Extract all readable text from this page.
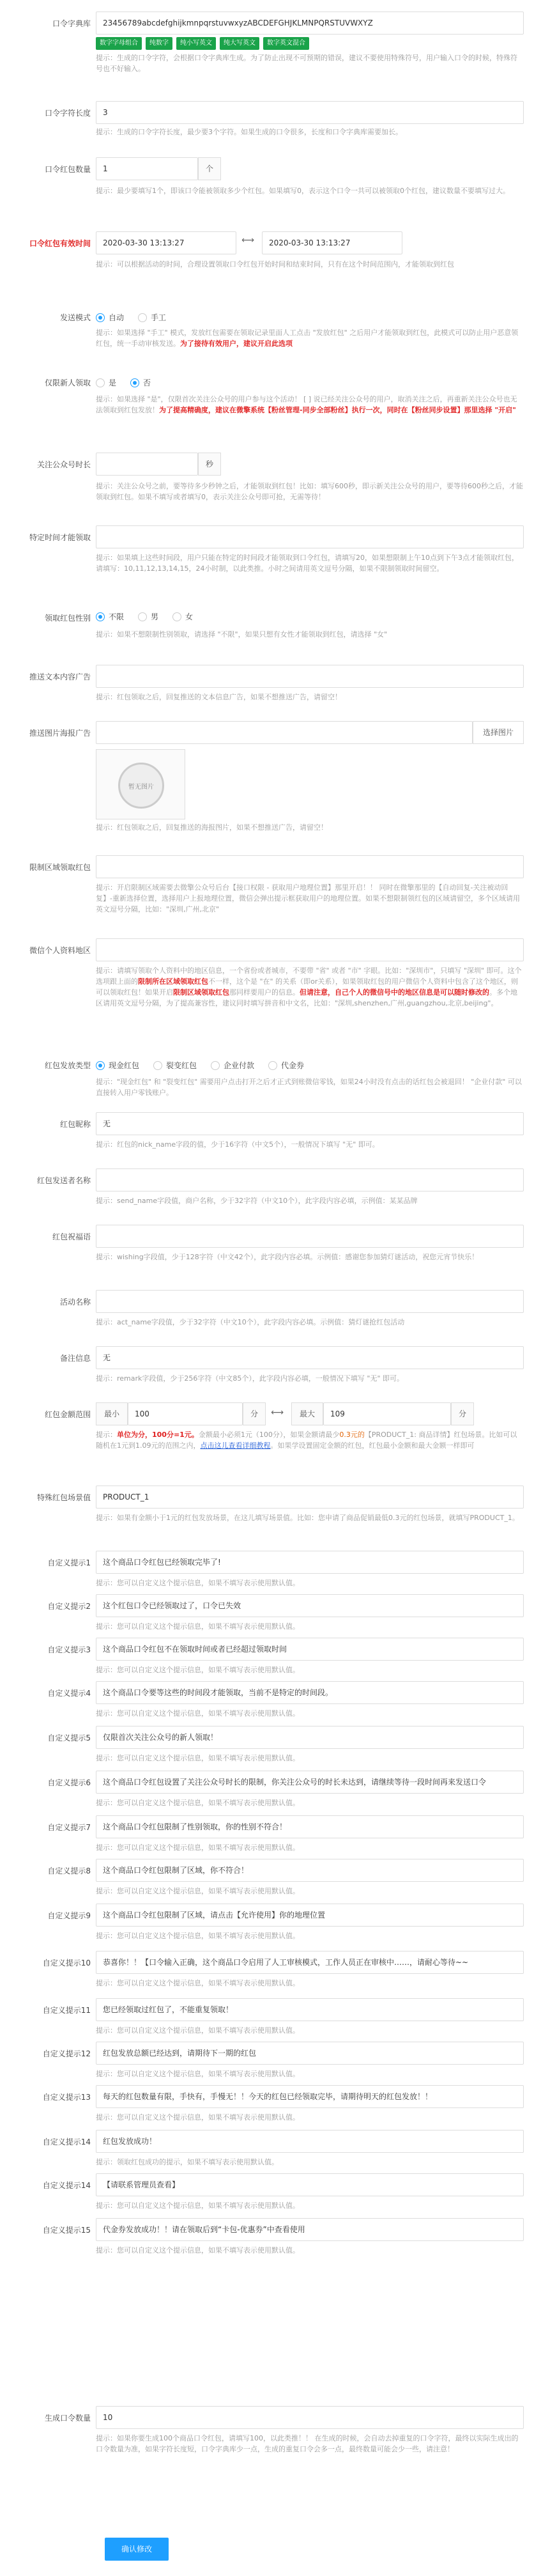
口令字典库	23456789abcdefghijkmnpqrstuvwxyzABCDEFGHJKLMNPQRSTUVWXYZ
数字字母组合	纯数字	纯小写英文	纯大写英文	数字英文混合
提示：生成的口令字符，会根据口令字典库生成。为了防止出现不可预期的错误，建议不要使用特殊符号，用户输入口令的时候，特殊符号也不好输入。
口令字符长度	3
提示：生成的口令字符长度，最少要3个字符。如果生成的口令很多，长度和口令字典库需要加长。
口令红包数量	1	个
提示：最少要填写1个，即该口令能被领取多少个红包。如果填写0，表示这个口令一共可以被领取0个红包，建议数量不要填写过大。
口令红包有效时间	2020-03-30 13:13:27	⟷	2020-03-30 13:13:27
提示：可以根据活动的时间，合理设置领取口令红包开始时间和结束时间，只有在这个时间范围内，才能领取到红包
发送模式 自动	手工
提示：如果选择 "手工" 模式，发放红包需要在领取记录里面人工点击 "发放红包" 之后用户才能领取到红包，此模式可以防止用户恶意领红包，统一手动审核发送。为了接待有效用户，建议开启此选项
仅限新人领取 是	否
提示：如果选择 "是"，仅限首次关注公众号的用户参与这个活动！ [ ] 说已经关注公众号的用户，取消关注之后，再重新关注公众号也无法领取到红包发放！为了提高精确度，建议在微擎系统【粉丝管理-同步全部粉丝】执行一次，同时在【粉丝同步设置】那里选择 "开启"
关注公众号时长	秒
提示：关注公众号之前，要等待多少秒钟之后，才能领取到红包！比如：填写600秒，即示新关注公众号的用户，要等待600秒之后，才能领取到红包。如果不填写或者填写0，表示关注公众号即可抢，无需等待！
特定时间才能领取
提示：如果填上这些时间段，用户只能在特定的时间段才能领取到口令红包，请填写20，如果想限制上午10点到下午3点才能领取红包，请填写：10,11,12,13,14,15，24小时制，以此类推。小时之间请用英文逗号分隔，如果不限制领取时间留空。
领取红包性别 不限	男	女
提示：如果不想限制性别领取，请选择 "不限"，如果只想有女性才能领取到红包，请选择 "女"
推送文本内容广告
提示：红包领取之后，回复推送的文本信息广告，如果不想推送广告，请留空！
推送图片海报广告	选择图片
暂无图片
提示：红包领取之后，回复推送的海报图片，如果不想推送广告，请留空！
限制区域领取红包
提示：开启限制区域需要去微擎公众号后台【接口权限 - 获取用户地理位置】那里开启！！ 同时在微擎那里的【自动回复-关注被动回复】-重新选择位置，选择用户上报地理位置，微信会弹出提示框获取用户的地理位置。如果不想限制领红包的区域请留空，多个区域请用英文逗号分隔，比如："深圳,广州,北京"
微信个人资料地区
提示：请填写领取个人资料中的地区信息，一个省份或者城市，不要带 "省" 或者 "市" 字眼。比如："深圳市"，只填写 "深圳" 即可。这个选项跟上面的限制所在区域领取红包不一样，这个是 "在" 的关系（即or关系），如果领取红包的用户微信个人资料中包含了这个地区，则可以领取红包！如果开启限制区域领取红包那同样要用户的信息。但请注意，自己个人的微信号中的地区信息是可以随时修改的。多个地区请用英文逗号分隔，为了提高兼容性，建议同时填写拼音和中文名，比如："深圳,shenzhen,广州,guangzhou,北京,beijing"。
红包发放类型 现金红包	裂变红包	企业付款	代金券
提示："现金红包" 和 "裂变红包" 需要用户点击打开之后才正式到账微信零钱，如果24小时没有点击的话红包会被退回！ "企业付款" 可以直接转入用户零钱账户。
红包昵称	无
提示：红包的nick_name字段的值，少于16字符（中文5个），一般情况下填写 "无" 即可。
红包发送者名称
提示：send_name字段值，商户名称，少于32字符（中文10个），此字段内容必填，示例值：某某品牌
红包祝福语
提示：wishing字段值，少于128字符（中文42个），此字段内容必填。示例值：感谢您参加猜灯谜活动，祝您元宵节快乐！
活动名称
提示：act_name字段值，少于32字符（中文10个），此字段内容必填。示例值：猜灯谜抢红包活动
备注信息	无
提示：remark字段值，少于256字符（中文85个），此字段内容必填，一般情况下填写 "无" 即可。
红包金额范围	最小	100	分	⟷	最大	109	分
提示：单位为分，100分=1元。金额最小必须1元（100分），如果金额请最少0.3元的【PRODUCT_1: 商品详情】红包场景。比如可以随机在1元到1.09元的范围之内，点击这儿查看详细教程。如果学设置固定金额的红包，红包最小金额和最大金额一样即可
特殊红包场景值	PRODUCT_1
提示：如果有金额小于1元的红包发放场景，在这儿填写场景值。比如：您申请了商品促销最低0.3元的红包场景，就填写PRODUCT_1。
自定义提示1	这个商品口令红包已经领取完毕了!
提示：您可以自定义这个提示信息，如果不填写表示使用默认值。
自定义提示2	这个红包口令已经领取过了，口令已失效
提示：您可以自定义这个提示信息，如果不填写表示使用默认值。
自定义提示3	这个商品口令红包不在领取时间或者已经超过领取时间
提示：您可以自定义这个提示信息，如果不填写表示使用默认值。
自定义提示4	这个商品口令要等这些的时间段才能领取，当前不是特定的时间段。
提示：您可以自定义这个提示信息，如果不填写表示使用默认值。
自定义提示5	仅限首次关注公众号的新人领取！
提示：您可以自定义这个提示信息，如果不填写表示使用默认值。
自定义提示6	这个商品口令红包设置了关注公众号时长的限制，你关注公众号的时长未达到，请继续等待一段时间再来发送口令
提示：您可以自定义这个提示信息，如果不填写表示使用默认值。
自定义提示7	这个商品口令红包限制了性别领取，你的性别不符合！
提示：您可以自定义这个提示信息，如果不填写表示使用默认值。
自定义提示8	这个商品口令红包限制了区域，你不符合！
提示：您可以自定义这个提示信息，如果不填写表示使用默认值。
自定义提示9	这个商品口令红包限制了区域，请点击【允许使用】你的地理位置
提示：您可以自定义这个提示信息，如果不填写表示使用默认值。
自定义提示10	恭喜你！！【口令输入正确，这个商品口令启用了人工审核模式，工作人员正在审核中……，请耐心等待~~
提示：您可以自定义这个提示信息，如果不填写表示使用默认值。
自定义提示11	您已经领取过红包了，不能重复领取！
提示：您可以自定义这个提示信息，如果不填写表示使用默认值。
自定义提示12	红包发放总额已经达到，请期待下一期的红包
提示：您可以自定义这个提示信息，如果不填写表示使用默认值。
自定义提示13	每天的红包数量有限，手快有，手慢无！！今天的红包已经领取完毕，请期待明天的红包发放！！
提示：您可以自定义这个提示信息，如果不填写表示使用默认值。
自定义提示14	红包发放成功！
提示：领取红包成功的提示，如果不填写表示使用默认值。
自定义提示14	【请联系管理员查看】
提示：您可以自定义这个提示信息，如果不填写表示使用默认值。
自定义提示15	代金券发放成功！！请在领取后到“卡包-优惠券”中查看使用
提示：您可以自定义这个提示信息，如果不填写表示使用默认值。
生成口令数量	10
提示：如果你要生成100个商品口令红包，请填写100，以此类推！！ 在生成的时候，会自动去掉重复的口令字符，最终以实际生成出的口令数量为准，如果字符长度短，口令字典库少一点，生成的重复口令会多一点，最终数量可能会少一些，请注意！
确认修改
